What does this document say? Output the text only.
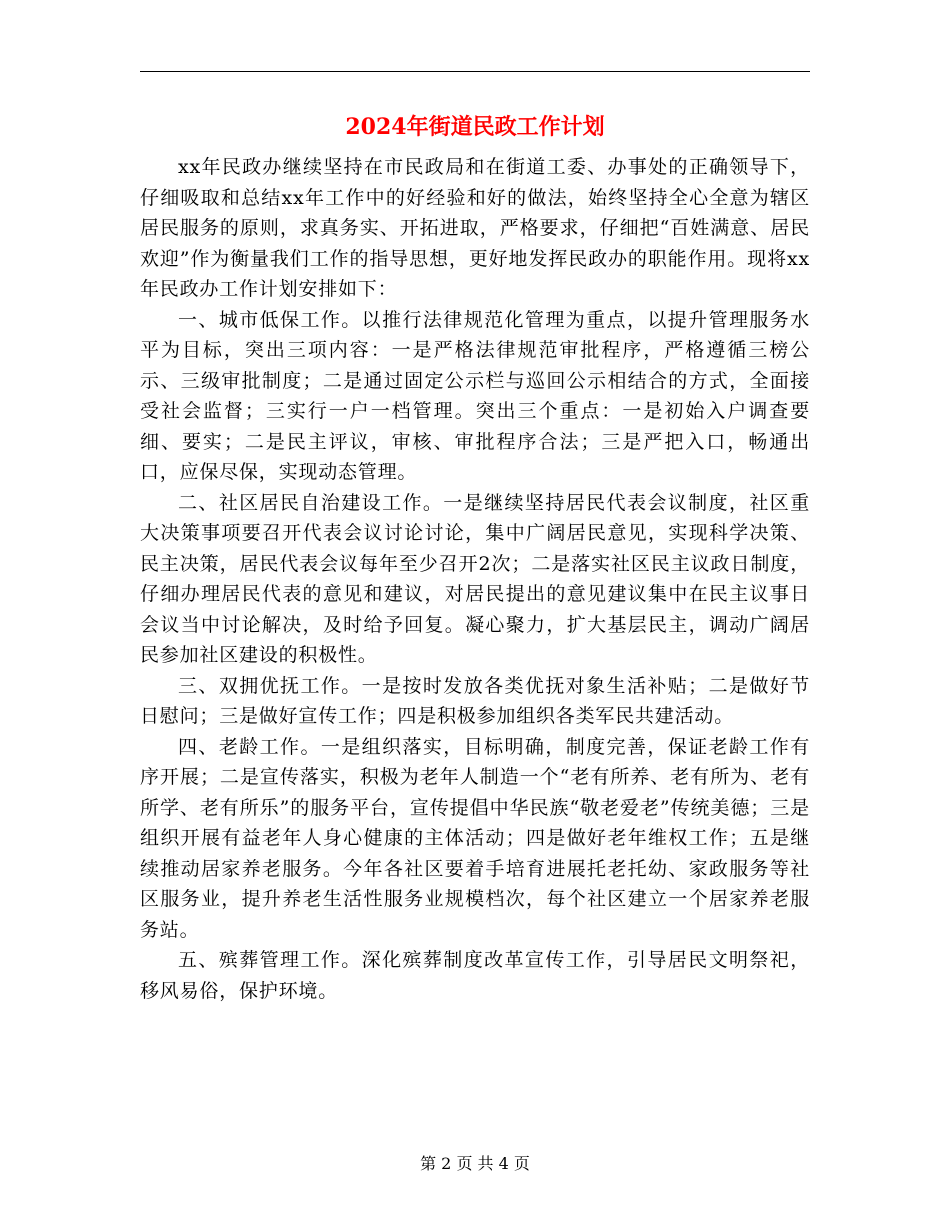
2024年街道民政工作计划

xx年民政办继续坚持在市民政局和在街道工委、办事处的正确领导下，仔细吸取和总结xx年工作中的好经验和好的做法，始终坚持全心全意为辖区居民服务的原则，求真务实、开拓进取，严格要求，仔细把“百姓满意、居民欢迎”作为衡量我们工作的指导思想，更好地发挥民政办的职能作用。现将xx年民政办工作计划安排如下：

一、城市低保工作。以推行法律规范化管理为重点，以提升管理服务水平为目标，突出三项内容：一是严格法律规范审批程序，严格遵循三榜公示、三级审批制度；二是通过固定公示栏与巡回公示相结合的方式，全面接受社会监督；三实行一户一档管理。突出三个重点：一是初始入户调查要细、要实；二是民主评议，审核、审批程序合法；三是严把入口，畅通出口，应保尽保，实现动态管理。

二、社区居民自治建设工作。一是继续坚持居民代表会议制度，社区重大决策事项要召开代表会议讨论讨论，集中广阔居民意见，实现科学决策、民主决策，居民代表会议每年至少召开2次；二是落实社区民主议政日制度，仔细办理居民代表的意见和建议，对居民提出的意见建议集中在民主议事日会议当中讨论解决，及时给予回复。凝心聚力，扩大基层民主，调动广阔居民参加社区建设的积极性。

三、双拥优抚工作。一是按时发放各类优抚对象生活补贴；二是做好节日慰问；三是做好宣传工作；四是积极参加组织各类军民共建活动。

四、老龄工作。一是组织落实，目标明确，制度完善，保证老龄工作有序开展；二是宣传落实，积极为老年人制造一个“老有所养、老有所为、老有所学、老有所乐”的服务平台，宣传提倡中华民族“敬老爱老”传统美德；三是组织开展有益老年人身心健康的主体活动；四是做好老年维权工作；五是继续推动居家养老服务。今年各社区要着手培育进展托老托幼、家政服务等社区服务业，提升养老生活性服务业规模档次，每个社区建立一个居家养老服务站。

五、殡葬管理工作。深化殡葬制度改革宣传工作，引导居民文明祭祀，移风易俗，保护环境。

第 2 页 共 4 页
